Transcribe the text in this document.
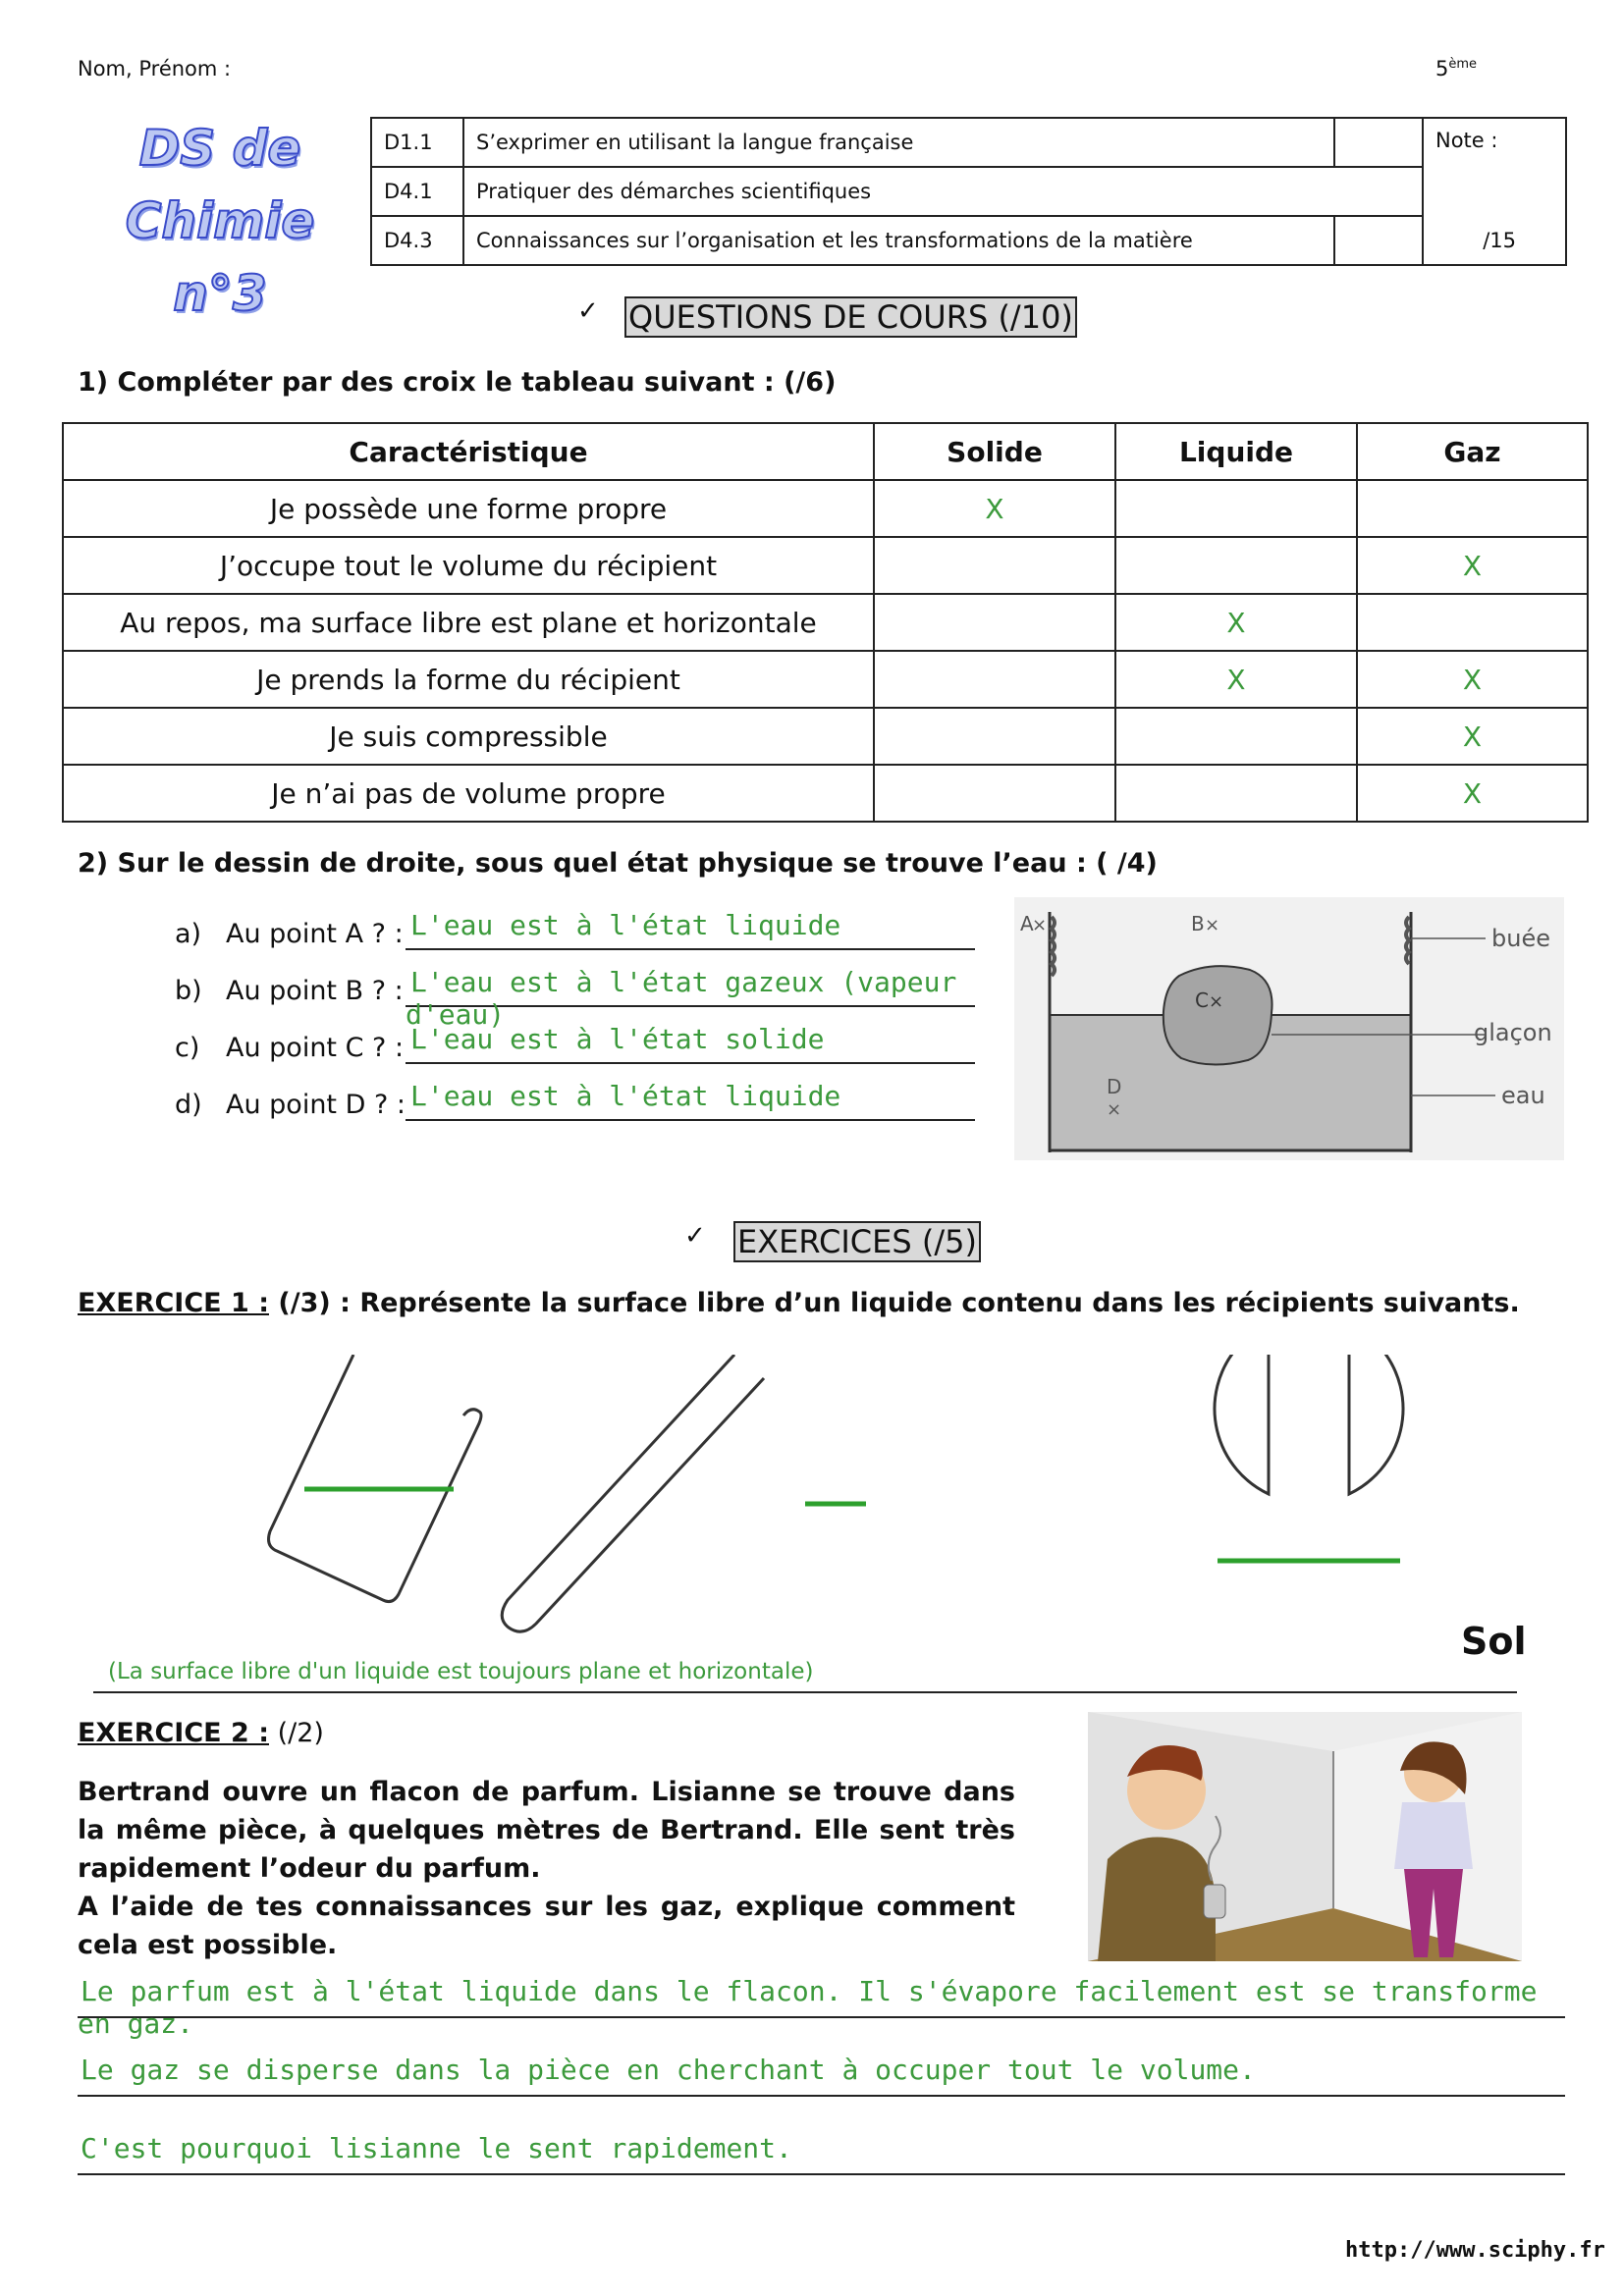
Nom, Prénom :	5ème
DS de
Chimie n°3
D1.1	S’exprimer en utilisant la langue française		Note :
D4.1	Pratiquer des démarches scientifiques		
D4.3	Connaissances sur l’organisation et les transformations de la matière		/15
✓ QUESTIONS DE COURS (/10)
1) Compléter par des croix le tableau suivant : (/6)
Caractéristique	Solide	Liquide	Gaz
Je possède une forme propre	X		
J’occupe tout le volume du récipient			X
Au repos, ma surface libre est plane et horizontale		X	
Je prends la forme du récipient		X	X
Je suis compressible			X
Je n’ai pas de volume propre			X
2) Sur le dessin de droite, sous quel état physique se trouve l’eau : ( /4)
a) Au point A ? : L'eau est à l'état liquide
b) Au point B ? : L'eau est à l'état gazeux (vapeur d'eau)
c) Au point C ? : L'eau est à l'état solide
d) Au point D ? : L'eau est à l'état liquide
A
×	B ×
C ×
D
×
buée
glaçon
eau
✓ EXERCICES (/5)
EXERCICE 1 : (/3) : Représente la surface libre d’un liquide contenu dans les récipients suivants.
Sol
(La surface libre d'un liquide est toujours plane et horizontale)
EXERCICE 2 : (/2)
Bertrand ouvre un flacon de parfum. Lisianne se trouve dans la même pièce, à quelques mètres de Bertrand. Elle sent très rapidement l’odeur du parfum.
A l’aide de tes connaissances sur les gaz, explique comment cela est possible.
Le parfum est à l'état liquide dans le flacon. Il s'évapore facilement est se transforme en gaz.
Le gaz se disperse dans la pièce en cherchant à occuper tout le volume.
C'est pourquoi lisianne le sent rapidement.
http://www.sciphy.fr
